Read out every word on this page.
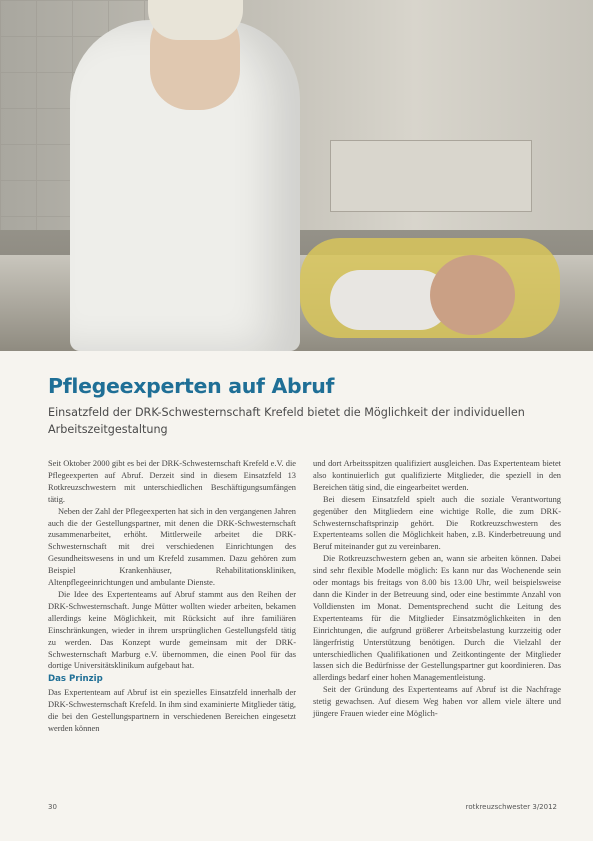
Pflegeexperten auf Abruf

Einsatzfeld der DRK-Schwesternschaft Krefeld bietet die Möglichkeit der individuellen Arbeitszeitgestaltung

Seit Oktober 2000 gibt es bei der DRK-Schwesternschaft Krefeld e.V. die Pflegeexperten auf Abruf. Derzeit sind in diesem Einsatzfeld 13 Rotkreuzschwestern mit unterschiedlichen Beschäftigungsumfängen tätig.

Neben der Zahl der Pflegeexperten hat sich in den vergangenen Jahren auch die der Gestellungspartner, mit denen die DRK-Schwesternschaft zusammenarbeitet, erhöht. Mittlerweile arbeitet die DRK-Schwesternschaft mit drei verschiedenen Einrichtungen des Gesundheitswesens in und um Krefeld zusammen. Dazu gehören zum Beispiel Krankenhäuser, Rehabilitationskliniken, Altenpflegeeinrichtungen und ambulante Dienste.

Die Idee des Expertenteams auf Abruf stammt aus den Reihen der DRK-Schwesternschaft. Junge Mütter wollten wieder arbeiten, bekamen allerdings keine Möglichkeit, mit Rücksicht auf ihre familiären Einschränkungen, wieder in ihrem ursprünglichen Gestellungsfeld tätig zu werden. Das Konzept wurde gemeinsam mit der DRK-Schwesternschaft Marburg e.V. übernommen, die einen Pool für das dortige Universitätsklinikum aufgebaut hat.

Das Prinzip

Das Expertenteam auf Abruf ist ein spezielles Einsatzfeld innerhalb der DRK-Schwesternschaft Krefeld. In ihm sind examinierte Mitglieder tätig, die bei den Gestellungspartnern in verschiedenen Bereichen eingesetzt werden können

und dort Arbeitsspitzen qualifiziert ausgleichen. Das Expertenteam bietet also kontinuierlich gut qualifizierte Mitglieder, die speziell in den Bereichen tätig sind, die eingearbeitet werden.

Bei diesem Einsatzfeld spielt auch die soziale Verantwortung gegenüber den Mitgliedern eine wichtige Rolle, die zum DRK-Schwesternschaftsprinzip gehört. Die Rotkreuzschwestern des Expertenteams sollen die Möglichkeit haben, z.B. Kinderbetreuung und Beruf miteinander gut zu vereinbaren.

Die Rotkreuzschwestern geben an, wann sie arbeiten können. Dabei sind sehr flexible Modelle möglich: Es kann nur das Wochenende sein oder montags bis freitags von 8.00 bis 13.00 Uhr, weil beispielsweise dann die Kinder in der Betreuung sind, oder eine bestimmte Anzahl von Volldiensten im Monat. Dementsprechend sucht die Leitung des Expertenteams für die Mitglieder Einsatzmöglichkeiten in den Einrichtungen, die aufgrund größerer Arbeitsbelastung kurzzeitig oder längerfristig Unterstützung benötigen. Durch die Vielzahl der unterschiedlichen Qualifikationen und Zeitkontingente der Mitglieder lassen sich die Bedürfnisse der Gestellungspartner gut koordinieren. Das allerdings bedarf einer hohen Managementleistung.

Seit der Gründung des Expertenteams auf Abruf ist die Nachfrage stetig gewachsen. Auf diesem Weg haben vor allem viele ältere und jüngere Frauen wieder eine Möglich-

30	rotkreuzschwester 3/2012
